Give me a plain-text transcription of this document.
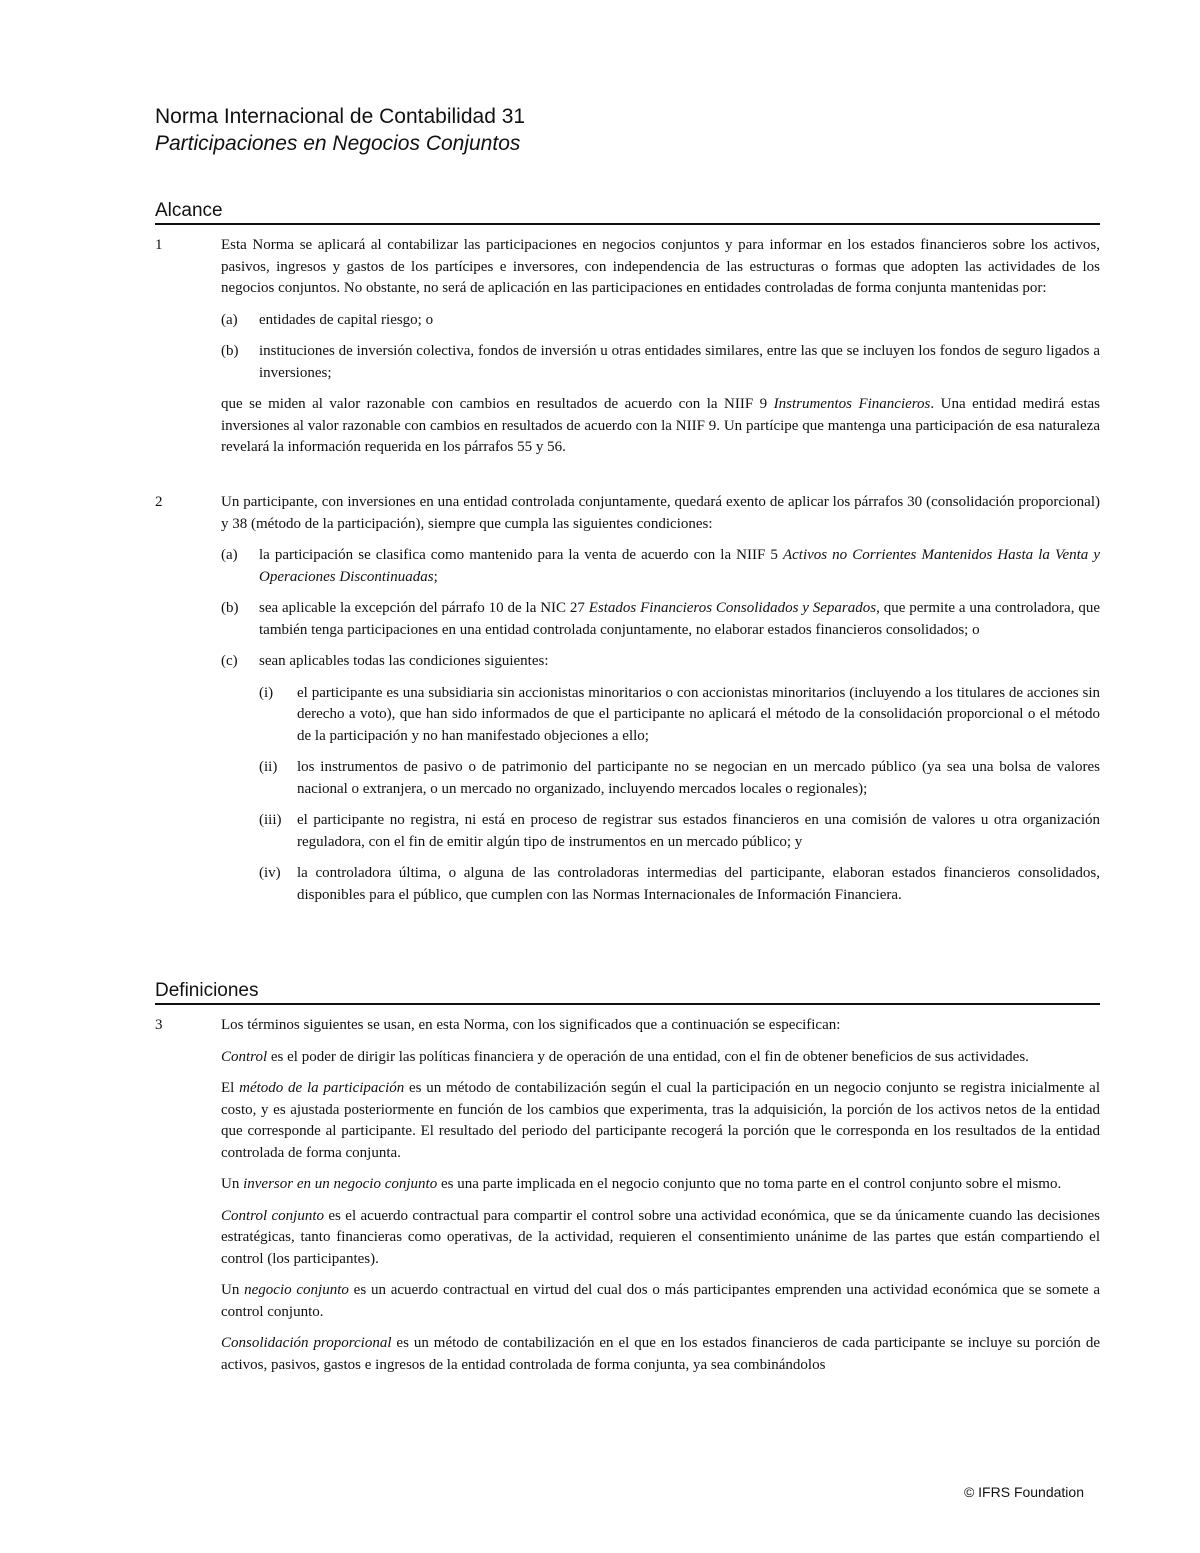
Norma Internacional de Contabilidad 31
Participaciones en Negocios Conjuntos
Alcance
1	Esta Norma se aplicará al contabilizar las participaciones en negocios conjuntos y para informar en los estados financieros sobre los activos, pasivos, ingresos y gastos de los partícipes e inversores, con independencia de las estructuras o formas que adopten las actividades de los negocios conjuntos. No obstante, no será de aplicación en las participaciones en entidades controladas de forma conjunta mantenidas por:

(a) entidades de capital riesgo; o
(b) instituciones de inversión colectiva, fondos de inversión u otras entidades similares, entre las que se incluyen los fondos de seguro ligados a inversiones;

que se miden al valor razonable con cambios en resultados de acuerdo con la NIIF 9 Instrumentos Financieros. Una entidad medirá estas inversiones al valor razonable con cambios en resultados de acuerdo con la NIIF 9. Un partícipe que mantenga una participación de esa naturaleza revelará la información requerida en los párrafos 55 y 56.

2	Un participante, con inversiones en una entidad controlada conjuntamente, quedará exento de aplicar los párrafos 30 (consolidación proporcional) y 38 (método de la participación), siempre que cumpla las siguientes condiciones:

(a) la participación se clasifica como mantenido para la venta de acuerdo con la NIIF 5 Activos no Corrientes Mantenidos Hasta la Venta y Operaciones Discontinuadas;
(b) sea aplicable la excepción del párrafo 10 de la NIC 27 Estados Financieros Consolidados y Separados, que permite a una controladora, que también tenga participaciones en una entidad controlada conjuntamente, no elaborar estados financieros consolidados; o
(c) sean aplicables todas las condiciones siguientes:
(i) el participante es una subsidiaria sin accionistas minoritarios o con accionistas minoritarios (incluyendo a los titulares de acciones sin derecho a voto), que han sido informados de que el participante no aplicará el método de la consolidación proporcional o el método de la participación y no han manifestado objeciones a ello;
(ii) los instrumentos de pasivo o de patrimonio del participante no se negocian en un mercado público (ya sea una bolsa de valores nacional o extranjera, o un mercado no organizado, incluyendo mercados locales o regionales);
(iii) el participante no registra, ni está en proceso de registrar sus estados financieros en una comisión de valores u otra organización reguladora, con el fin de emitir algún tipo de instrumentos en un mercado público; y
(iv) la controladora última, o alguna de las controladoras intermedias del participante, elaboran estados financieros consolidados, disponibles para el público, que cumplen con las Normas Internacionales de Información Financiera.
Definiciones
3	Los términos siguientes se usan, en esta Norma, con los significados que a continuación se especifican:

Control es el poder de dirigir las políticas financiera y de operación de una entidad, con el fin de obtener beneficios de sus actividades.

El método de la participación es un método de contabilización según el cual la participación en un negocio conjunto se registra inicialmente al costo, y es ajustada posteriormente en función de los cambios que experimenta, tras la adquisición, la porción de los activos netos de la entidad que corresponde al participante. El resultado del periodo del participante recogerá la porción que le corresponda en los resultados de la entidad controlada de forma conjunta.

Un inversor en un negocio conjunto es una parte implicada en el negocio conjunto que no toma parte en el control conjunto sobre el mismo.

Control conjunto es el acuerdo contractual para compartir el control sobre una actividad económica, que se da únicamente cuando las decisiones estratégicas, tanto financieras como operativas, de la actividad, requieren el consentimiento unánime de las partes que están compartiendo el control (los participantes).

Un negocio conjunto es un acuerdo contractual en virtud del cual dos o más participantes emprenden una actividad económica que se somete a control conjunto.

Consolidación proporcional es un método de contabilización en el que en los estados financieros de cada participante se incluye su porción de activos, pasivos, gastos e ingresos de la entidad controlada de forma conjunta, ya sea combinándolos

© IFRS Foundation
